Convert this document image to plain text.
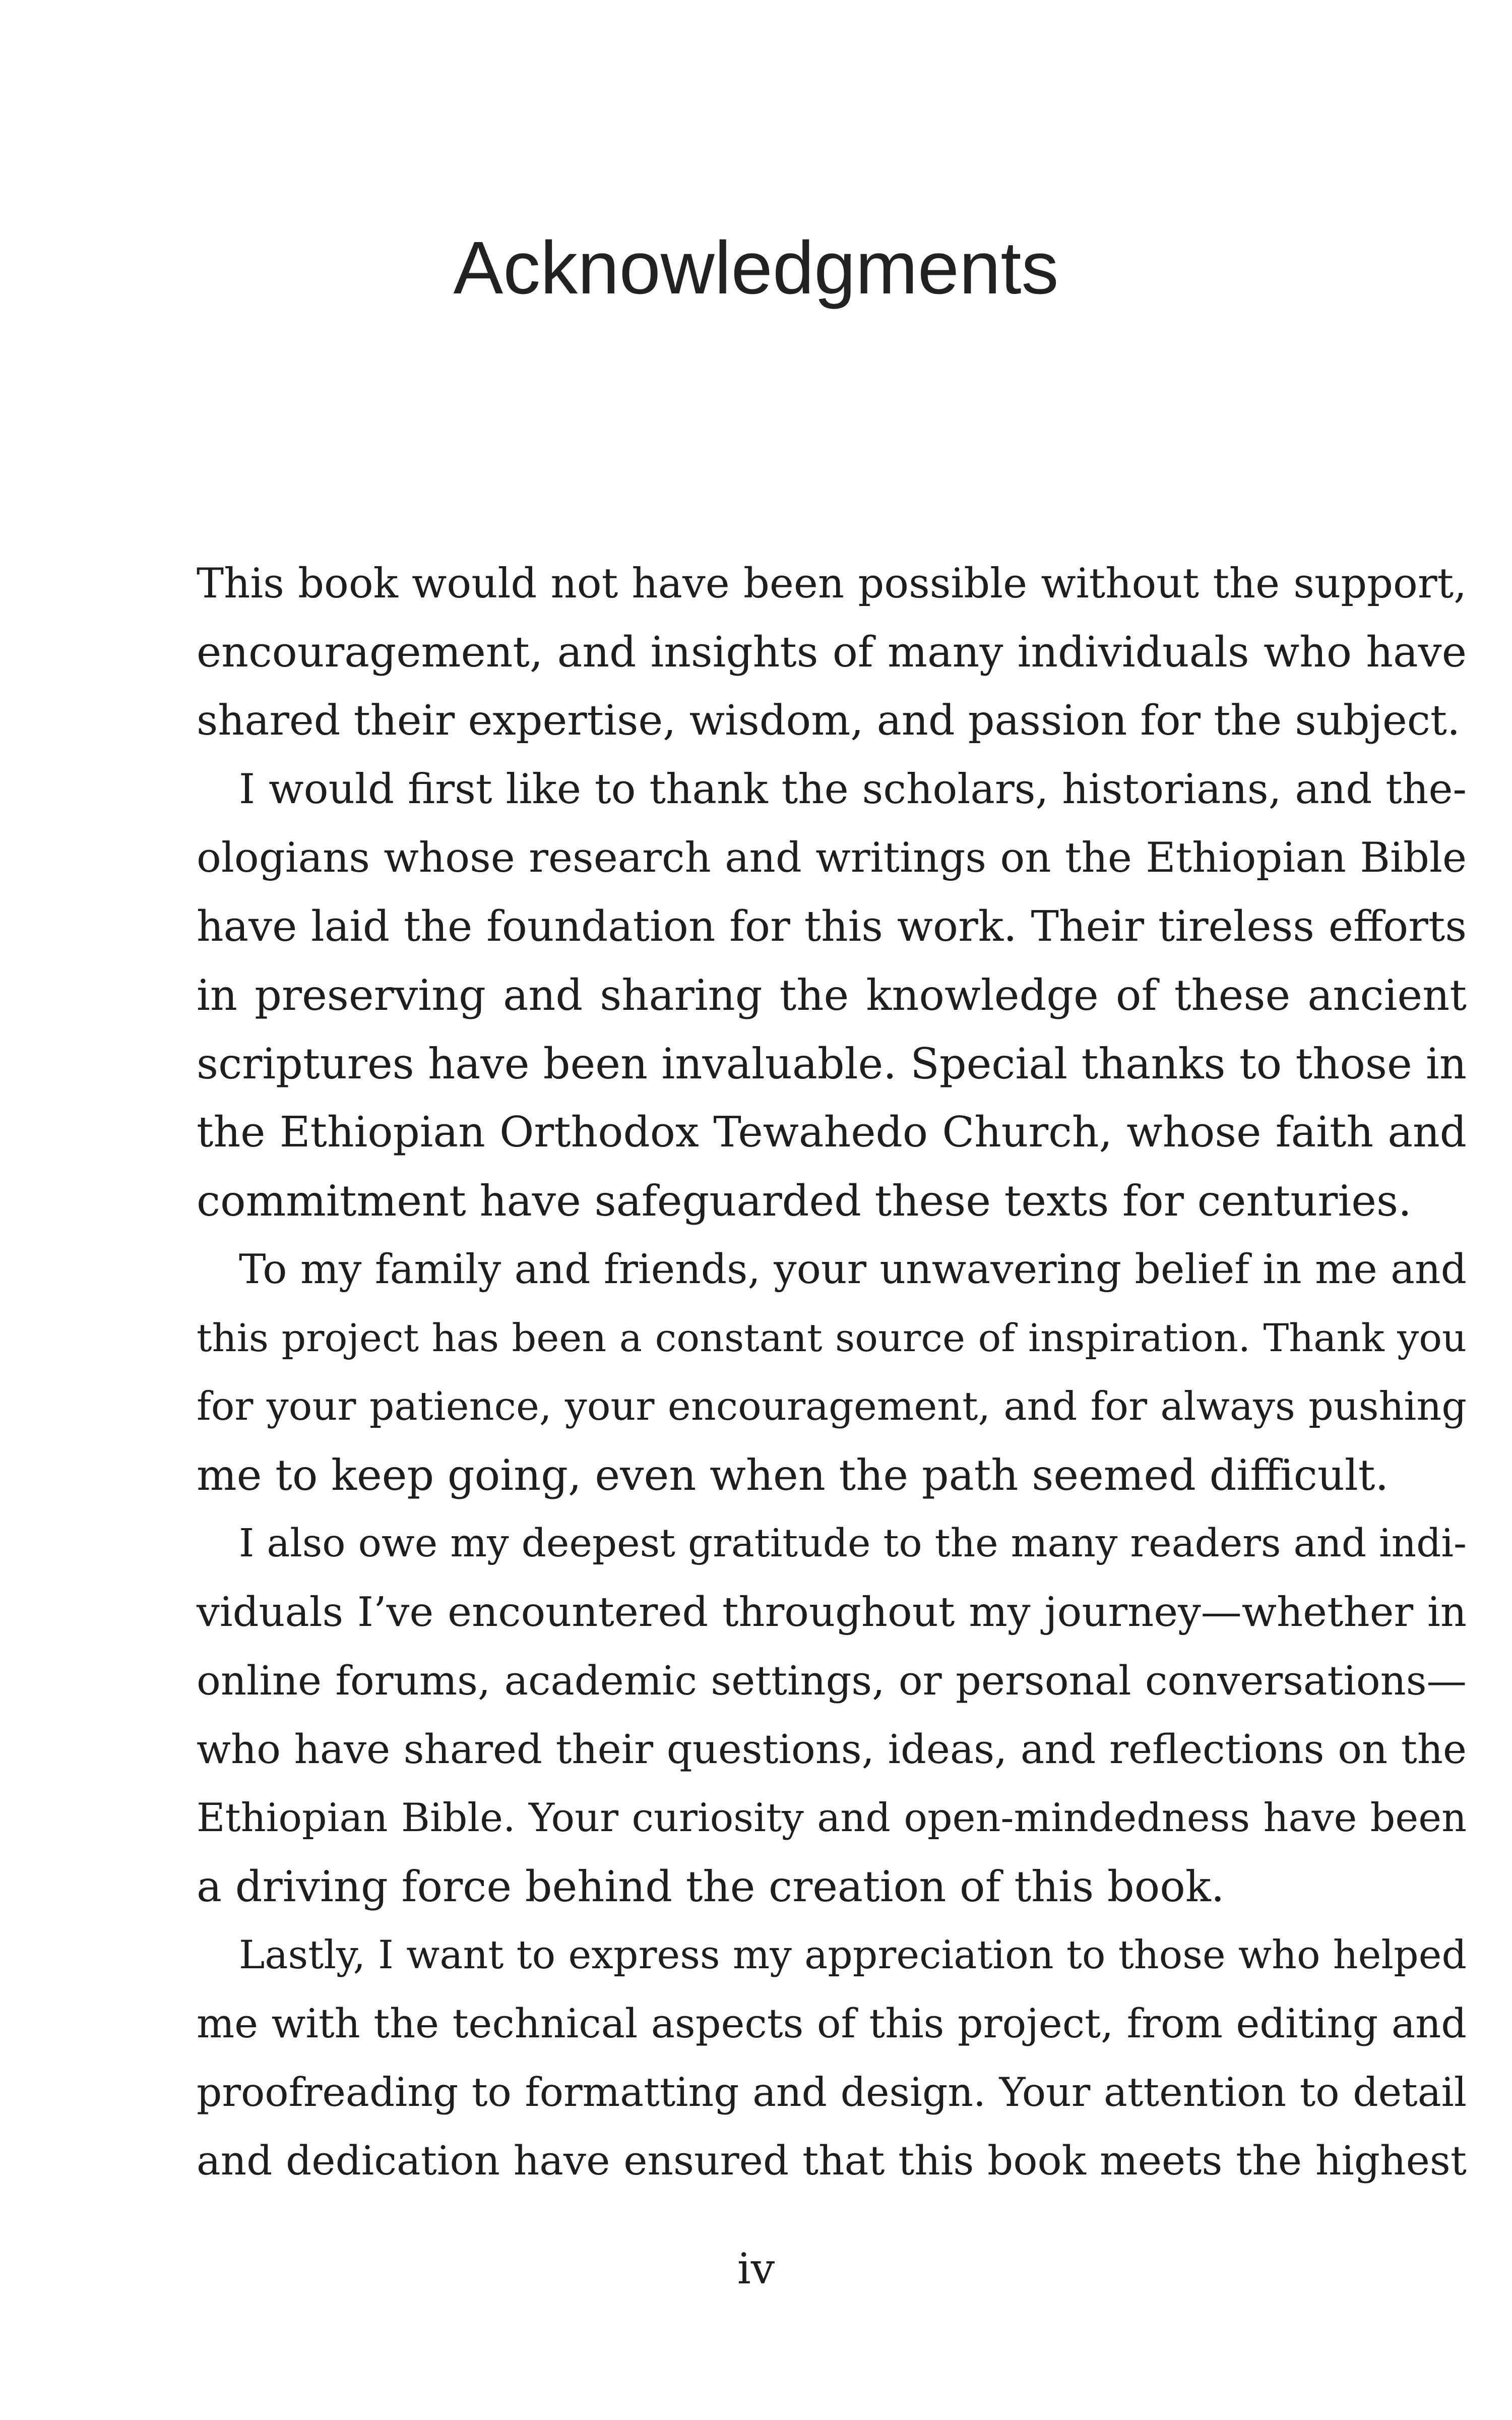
Acknowledgments
This book would not have been possible without the support,
encouragement, and insights of many individuals who have
shared their expertise, wisdom, and passion for the subject.
I would first like to thank the scholars, historians, and the-
ologians whose research and writings on the Ethiopian Bible
have laid the foundation for this work. Their tireless efforts
in preserving and sharing the knowledge of these ancient
scriptures have been invaluable. Special thanks to those in
the Ethiopian Orthodox Tewahedo Church, whose faith and
commitment have safeguarded these texts for centuries.
To my family and friends, your unwavering belief in me and
this project has been a constant source of inspiration. Thank you
for your patience, your encouragement, and for always pushing
me to keep going, even when the path seemed difficult.
I also owe my deepest gratitude to the many readers and indi-
viduals I’ve encountered throughout my journey—whether in
online forums, academic settings, or personal conversations—
who have shared their questions, ideas, and reflections on the
Ethiopian Bible. Your curiosity and open-mindedness have been
a driving force behind the creation of this book.
Lastly, I want to express my appreciation to those who helped
me with the technical aspects of this project, from editing and
proofreading to formatting and design. Your attention to detail
and dedication have ensured that this book meets the highest
iv
